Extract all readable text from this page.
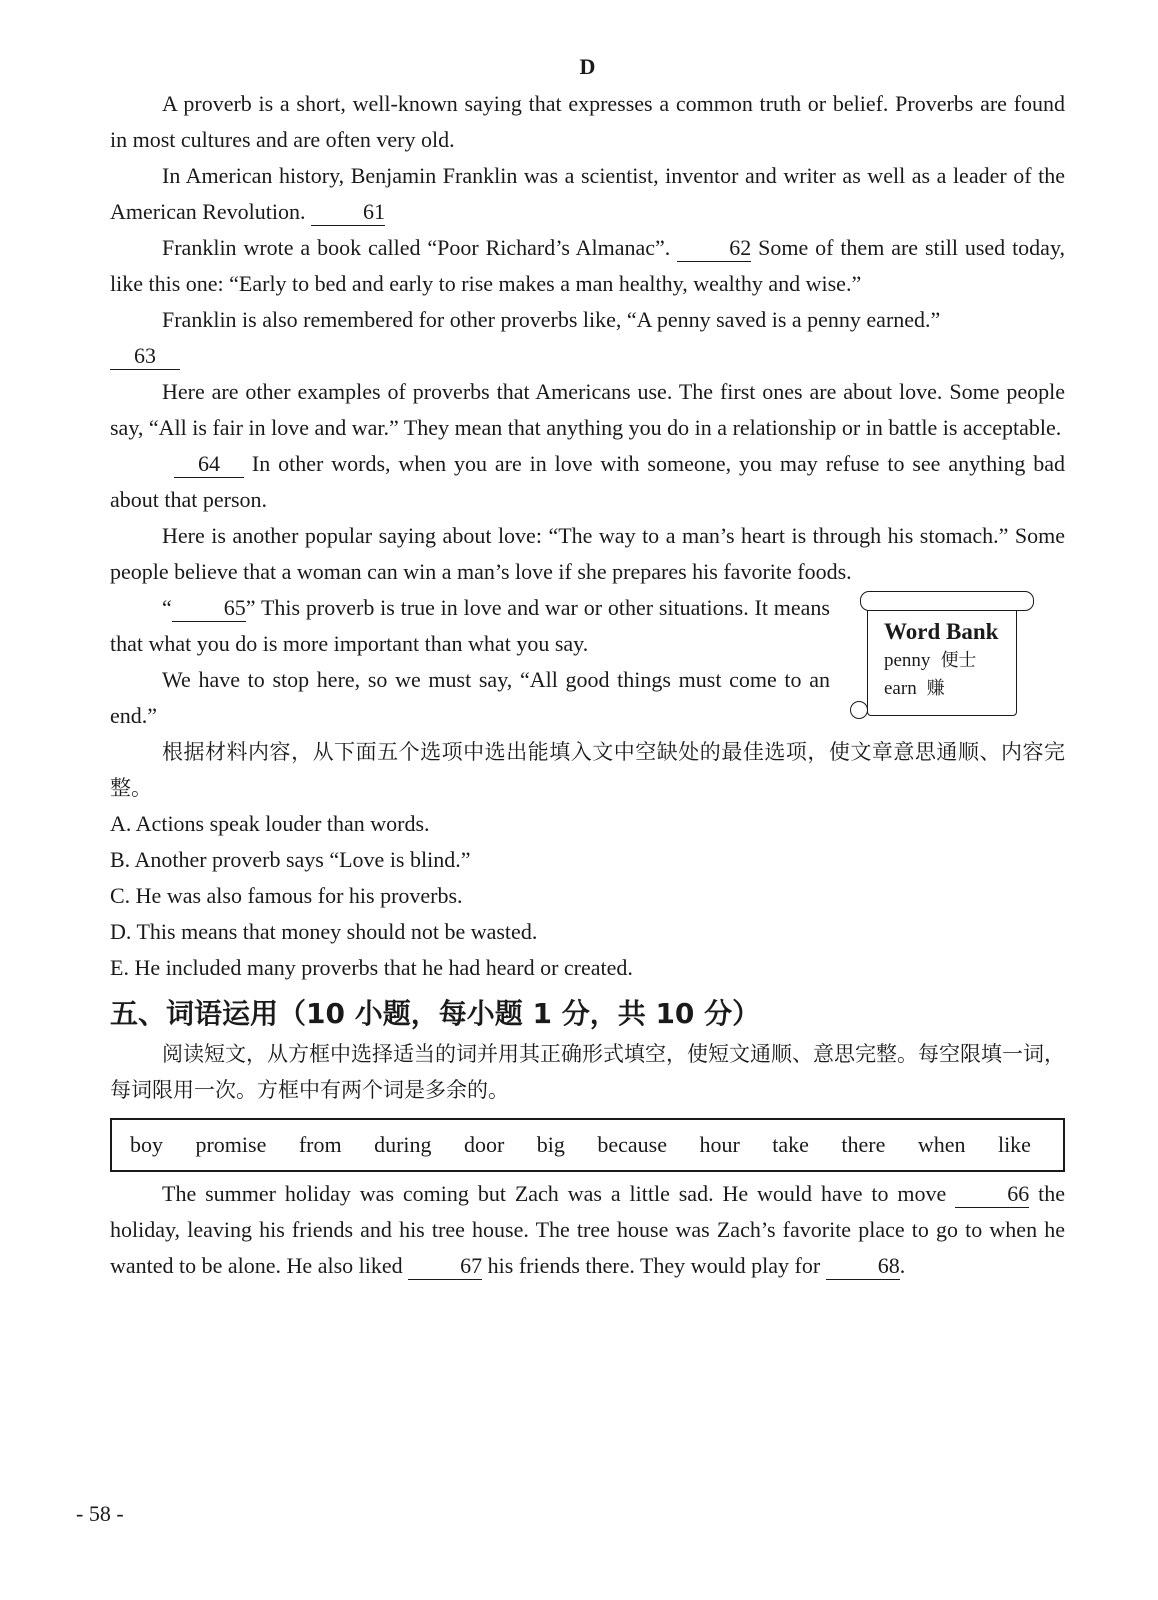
D

A proverb is a short, well-known saying that expresses a common truth or belief. Proverbs are found in most cultures and are often very old.

In American history, Benjamin Franklin was a scientist, inventor and writer as well as a leader of the American Revolution.	61

Franklin wrote a book called “Poor Richard’s Almanac”.	62 Some of them are still used today, like this one: “Early to bed and early to rise makes a man healthy, wealthy and wise.”

Franklin is also remembered for other proverbs like, “A penny saved is a penny earned.”

63

Here are other examples of proverbs that Americans use. The first ones are about love. Some people say, “All is fair in love and war.” They mean that anything you do in a relationship or in battle is acceptable.

64 In other words, when you are in love with someone, you may refuse to see anything bad about that person.

Here is another popular saying about love: “The way to a man’s heart is through his stomach.” Some people believe that a woman can win a man’s love if she prepares his favorite foods.

“ 65” This proverb is true in love and war or other situations. It means that what you do is more important than what you say.

We have to stop here, so we must say, “All good things must come to an end.”

Word Bank
penny 便士
earn 赚

根据材料内容，从下面五个选项中选出能填入文中空缺处的最佳选项，使文章意思通顺、内容完整。

A. Actions speak louder than words.

B. Another proverb says “Love is blind.”

C. He was also famous for his proverbs.

D. This means that money should not be wasted.

E. He included many proverbs that he had heard or created.

五、词语运用（10 小题，每小题 1 分，共 10 分）

阅读短文，从方框中选择适当的词并用其正确形式填空，使短文通顺、意思完整。每空限填一词，每词限用一次。方框中有两个词是多余的。

boy promise from during door big because hour take there when like

The summer holiday was coming but Zach was a little sad. He would have to move	66 the holiday, leaving his friends and his tree house. The tree house was Zach’s favorite place to go to when he wanted to be alone. He also liked	67 his friends there. They would play for	68.

- 58 -
